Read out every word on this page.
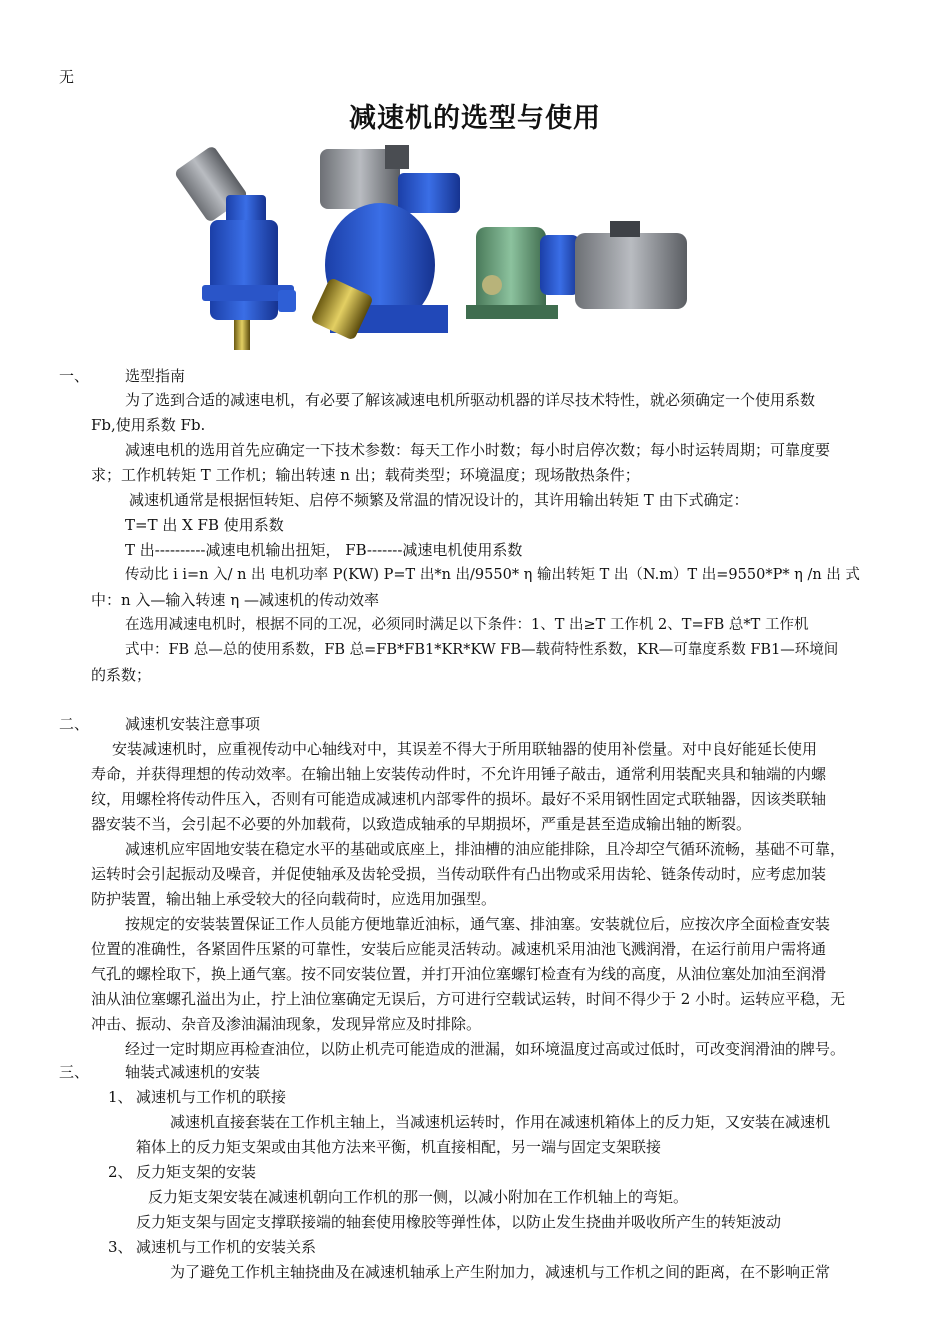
无
减速机的选型与使用
一、 选型指南
为了选到合适的减速电机，有必要了解该减速电机所驱动机器的详尽技术特性，就必须确定一个使用系数
Fb,使用系数 Fb.
减速电机的选用首先应确定一下技术参数：每天工作小时数；每小时启停次数；每小时运转周期；可靠度要
求；工作机转矩 T 工作机；输出转速 n 出；载荷类型；环境温度；现场散热条件；
减速机通常是根据恒转矩、启停不频繁及常温的情况设计的，其许用输出转矩 T 由下式确定：
T=T 出 X FB 使用系数
T 出----------减速电机输出扭矩， FB-------减速电机使用系数
传动比 i i=n 入/ n 出 电机功率 P(KW) P=T 出*n 出/9550* η 输出转矩 T 出（N.m）T 出=9550*P* η /n 出 式
中：n 入—输入转速 η —减速机的传动效率
在选用减速电机时，根据不同的工况，必须同时满足以下条件：1、T 出≥T 工作机 2、T=FB 总*T 工作机
式中：FB 总—总的使用系数，FB 总=FB*FB1*KR*KW FB—载荷特性系数，KR—可靠度系数 FB1—环境间
的系数；
二、 减速机安装注意事项
安装减速机时，应重视传动中心轴线对中，其误差不得大于所用联轴器的使用补偿量。对中良好能延长使用
寿命，并获得理想的传动效率。在输出轴上安装传动件时，不允许用锤子敲击，通常利用装配夹具和轴端的内螺
纹，用螺栓将传动件压入，否则有可能造成减速机内部零件的损坏。最好不采用钢性固定式联轴器，因该类联轴
器安装不当，会引起不必要的外加载荷，以致造成轴承的早期损坏，严重是甚至造成输出轴的断裂。
减速机应牢固地安装在稳定水平的基础或底座上，排油槽的油应能排除，且冷却空气循环流畅，基础不可靠，
运转时会引起振动及噪音，并促使轴承及齿轮受损，当传动联件有凸出物或采用齿轮、链条传动时，应考虑加装
防护装置，输出轴上承受较大的径向载荷时，应选用加强型。
按规定的安装装置保证工作人员能方便地靠近油标，通气塞、排油塞。安装就位后，应按次序全面检查安装
位置的准确性，各紧固件压紧的可靠性，安装后应能灵活转动。减速机采用油池飞溅润滑，在运行前用户需将通
气孔的螺栓取下，换上通气塞。按不同安装位置，并打开油位塞螺钉检查有为线的高度，从油位塞处加油至润滑
油从油位塞螺孔溢出为止，拧上油位塞确定无误后，方可进行空载试运转，时间不得少于 2 小时。运转应平稳，无
冲击、振动、杂音及渗油漏油现象，发现异常应及时排除。
经过一定时期应再检查油位，以防止机壳可能造成的泄漏，如环境温度过高或过低时，可改变润滑油的牌号。
三、 轴装式减速机的安装
1、 减速机与工作机的联接
减速机直接套装在工作机主轴上，当减速机运转时，作用在减速机箱体上的反力矩，又安装在减速机
箱体上的反力矩支架或由其他方法来平衡，机直接相配，另一端与固定支架联接
2、 反力矩支架的安装
反力矩支架安装在减速机朝向工作机的那一侧，以减小附加在工作机轴上的弯矩。
反力矩支架与固定支撑联接端的轴套使用橡胶等弹性体，以防止发生挠曲并吸收所产生的转矩波动
3、 减速机与工作机的安装关系
为了避免工作机主轴挠曲及在减速机轴承上产生附加力，减速机与工作机之间的距离，在不影响正常
